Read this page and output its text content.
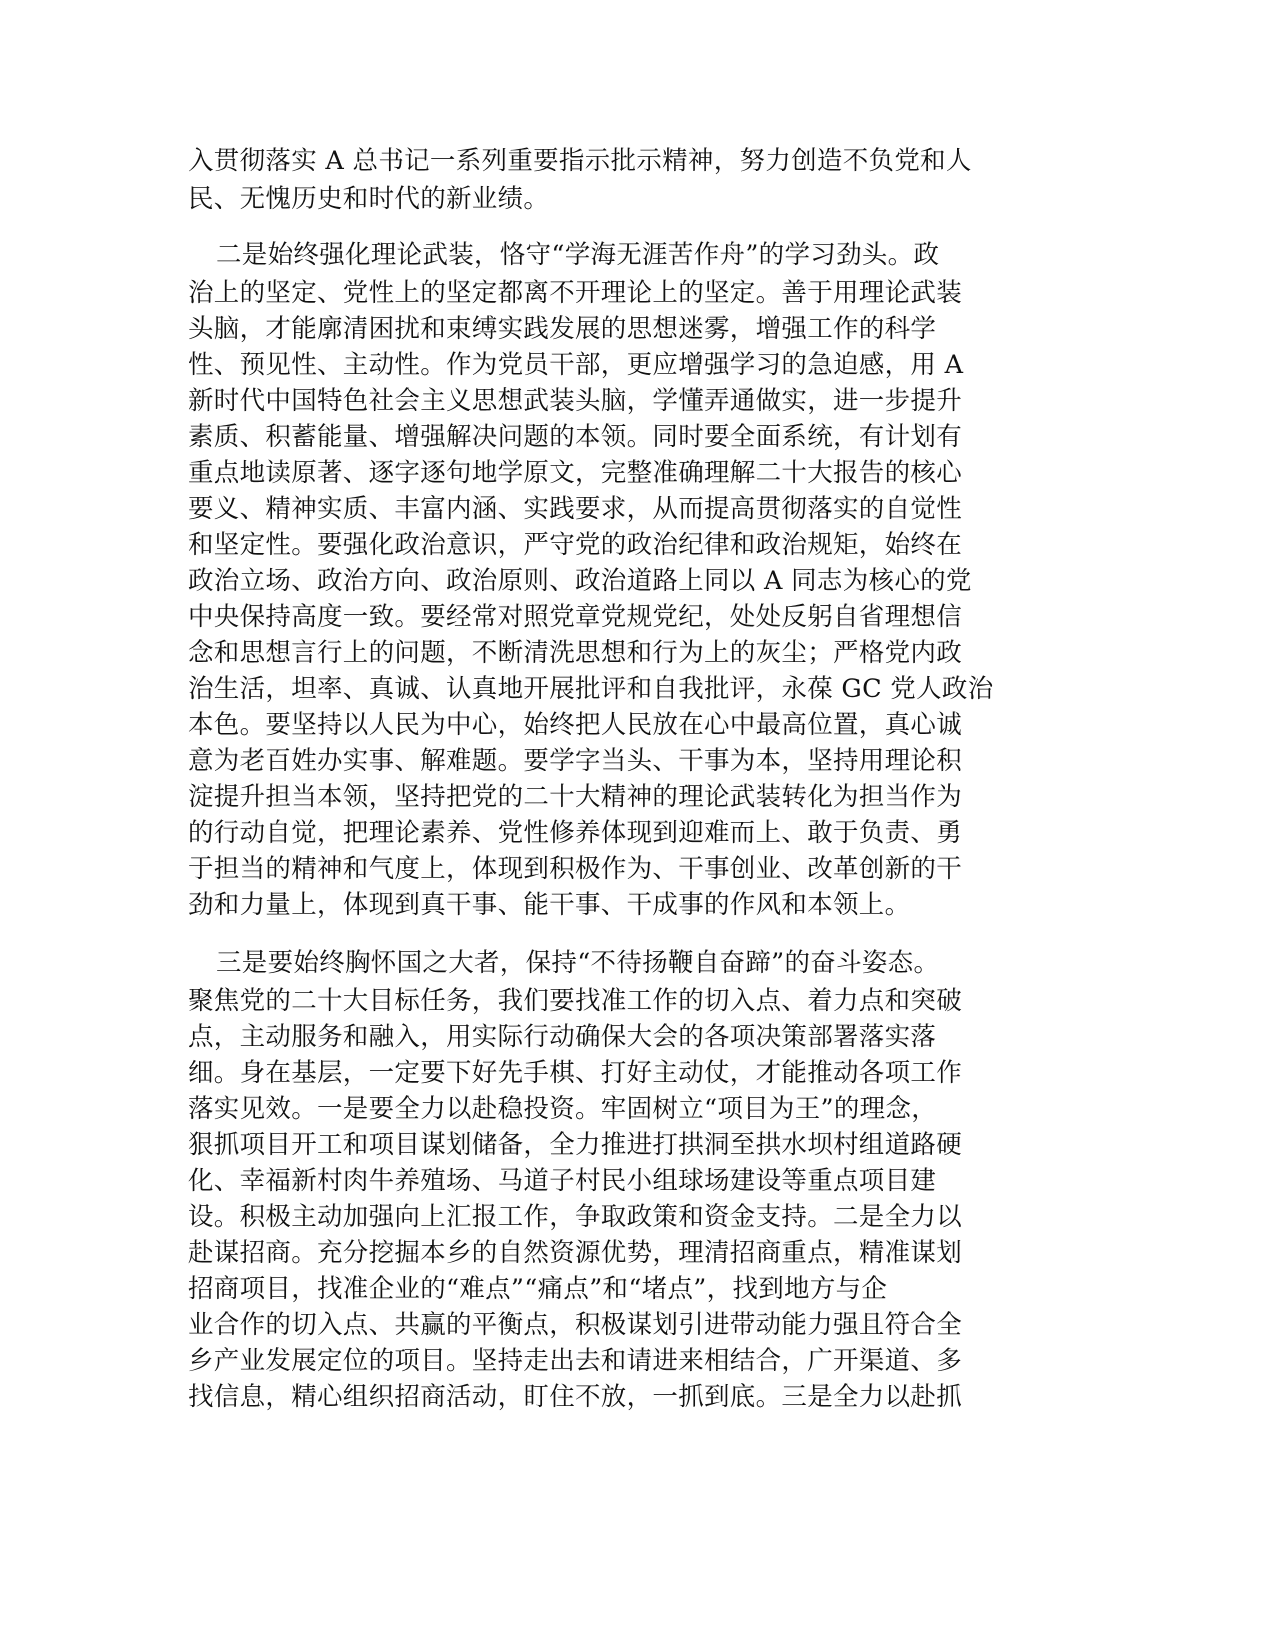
入贯彻落实 A 总书记一系列重要指示批示精神，努力创造不负党和人
民、无愧历史和时代的新业绩。
二是始终强化理论武装，恪守“学海无涯苦作舟”的学习劲头。政
治上的坚定、党性上的坚定都离不开理论上的坚定。善于用理论武装
头脑，才能廓清困扰和束缚实践发展的思想迷雾，增强工作的科学
性、预见性、主动性。作为党员干部，更应增强学习的急迫感，用 A
新时代中国特色社会主义思想武装头脑，学懂弄通做实，进一步提升
素质、积蓄能量、增强解决问题的本领。同时要全面系统，有计划有
重点地读原著、逐字逐句地学原文，完整准确理解二十大报告的核心
要义、精神实质、丰富内涵、实践要求，从而提高贯彻落实的自觉性
和坚定性。要强化政治意识，严守党的政治纪律和政治规矩，始终在
政治立场、政治方向、政治原则、政治道路上同以 A 同志为核心的党
中央保持高度一致。要经常对照党章党规党纪，处处反躬自省理想信
念和思想言行上的问题，不断清洗思想和行为上的灰尘；严格党内政
治生活，坦率、真诚、认真地开展批评和自我批评，永葆 GC 党人政治
本色。要坚持以人民为中心，始终把人民放在心中最高位置，真心诚
意为老百姓办实事、解难题。要学字当头、干事为本，坚持用理论积
淀提升担当本领，坚持把党的二十大精神的理论武装转化为担当作为
的行动自觉，把理论素养、党性修养体现到迎难而上、敢于负责、勇
于担当的精神和气度上，体现到积极作为、干事创业、改革创新的干
劲和力量上，体现到真干事、能干事、干成事的作风和本领上。
三是要始终胸怀国之大者，保持“不待扬鞭自奋蹄”的奋斗姿态。
聚焦党的二十大目标任务，我们要找准工作的切入点、着力点和突破
点，主动服务和融入，用实际行动确保大会的各项决策部署落实落
细。身在基层，一定要下好先手棋、打好主动仗，才能推动各项工作
落实见效。一是要全力以赴稳投资。牢固树立“项目为王”的理念，
狠抓项目开工和项目谋划储备，全力推进打拱洞至拱水坝村组道路硬
化、幸福新村肉牛养殖场、马道子村民小组球场建设等重点项目建
设。积极主动加强向上汇报工作，争取政策和资金支持。二是全力以
赴谋招商。充分挖掘本乡的自然资源优势，理清招商重点，精准谋划
招商项目，找准企业的“难点”“痛点”和“堵点”，找到地方与企
业合作的切入点、共赢的平衡点，积极谋划引进带动能力强且符合全
乡产业发展定位的项目。坚持走出去和请进来相结合，广开渠道、多
找信息，精心组织招商活动，盯住不放，一抓到底。三是全力以赴抓
